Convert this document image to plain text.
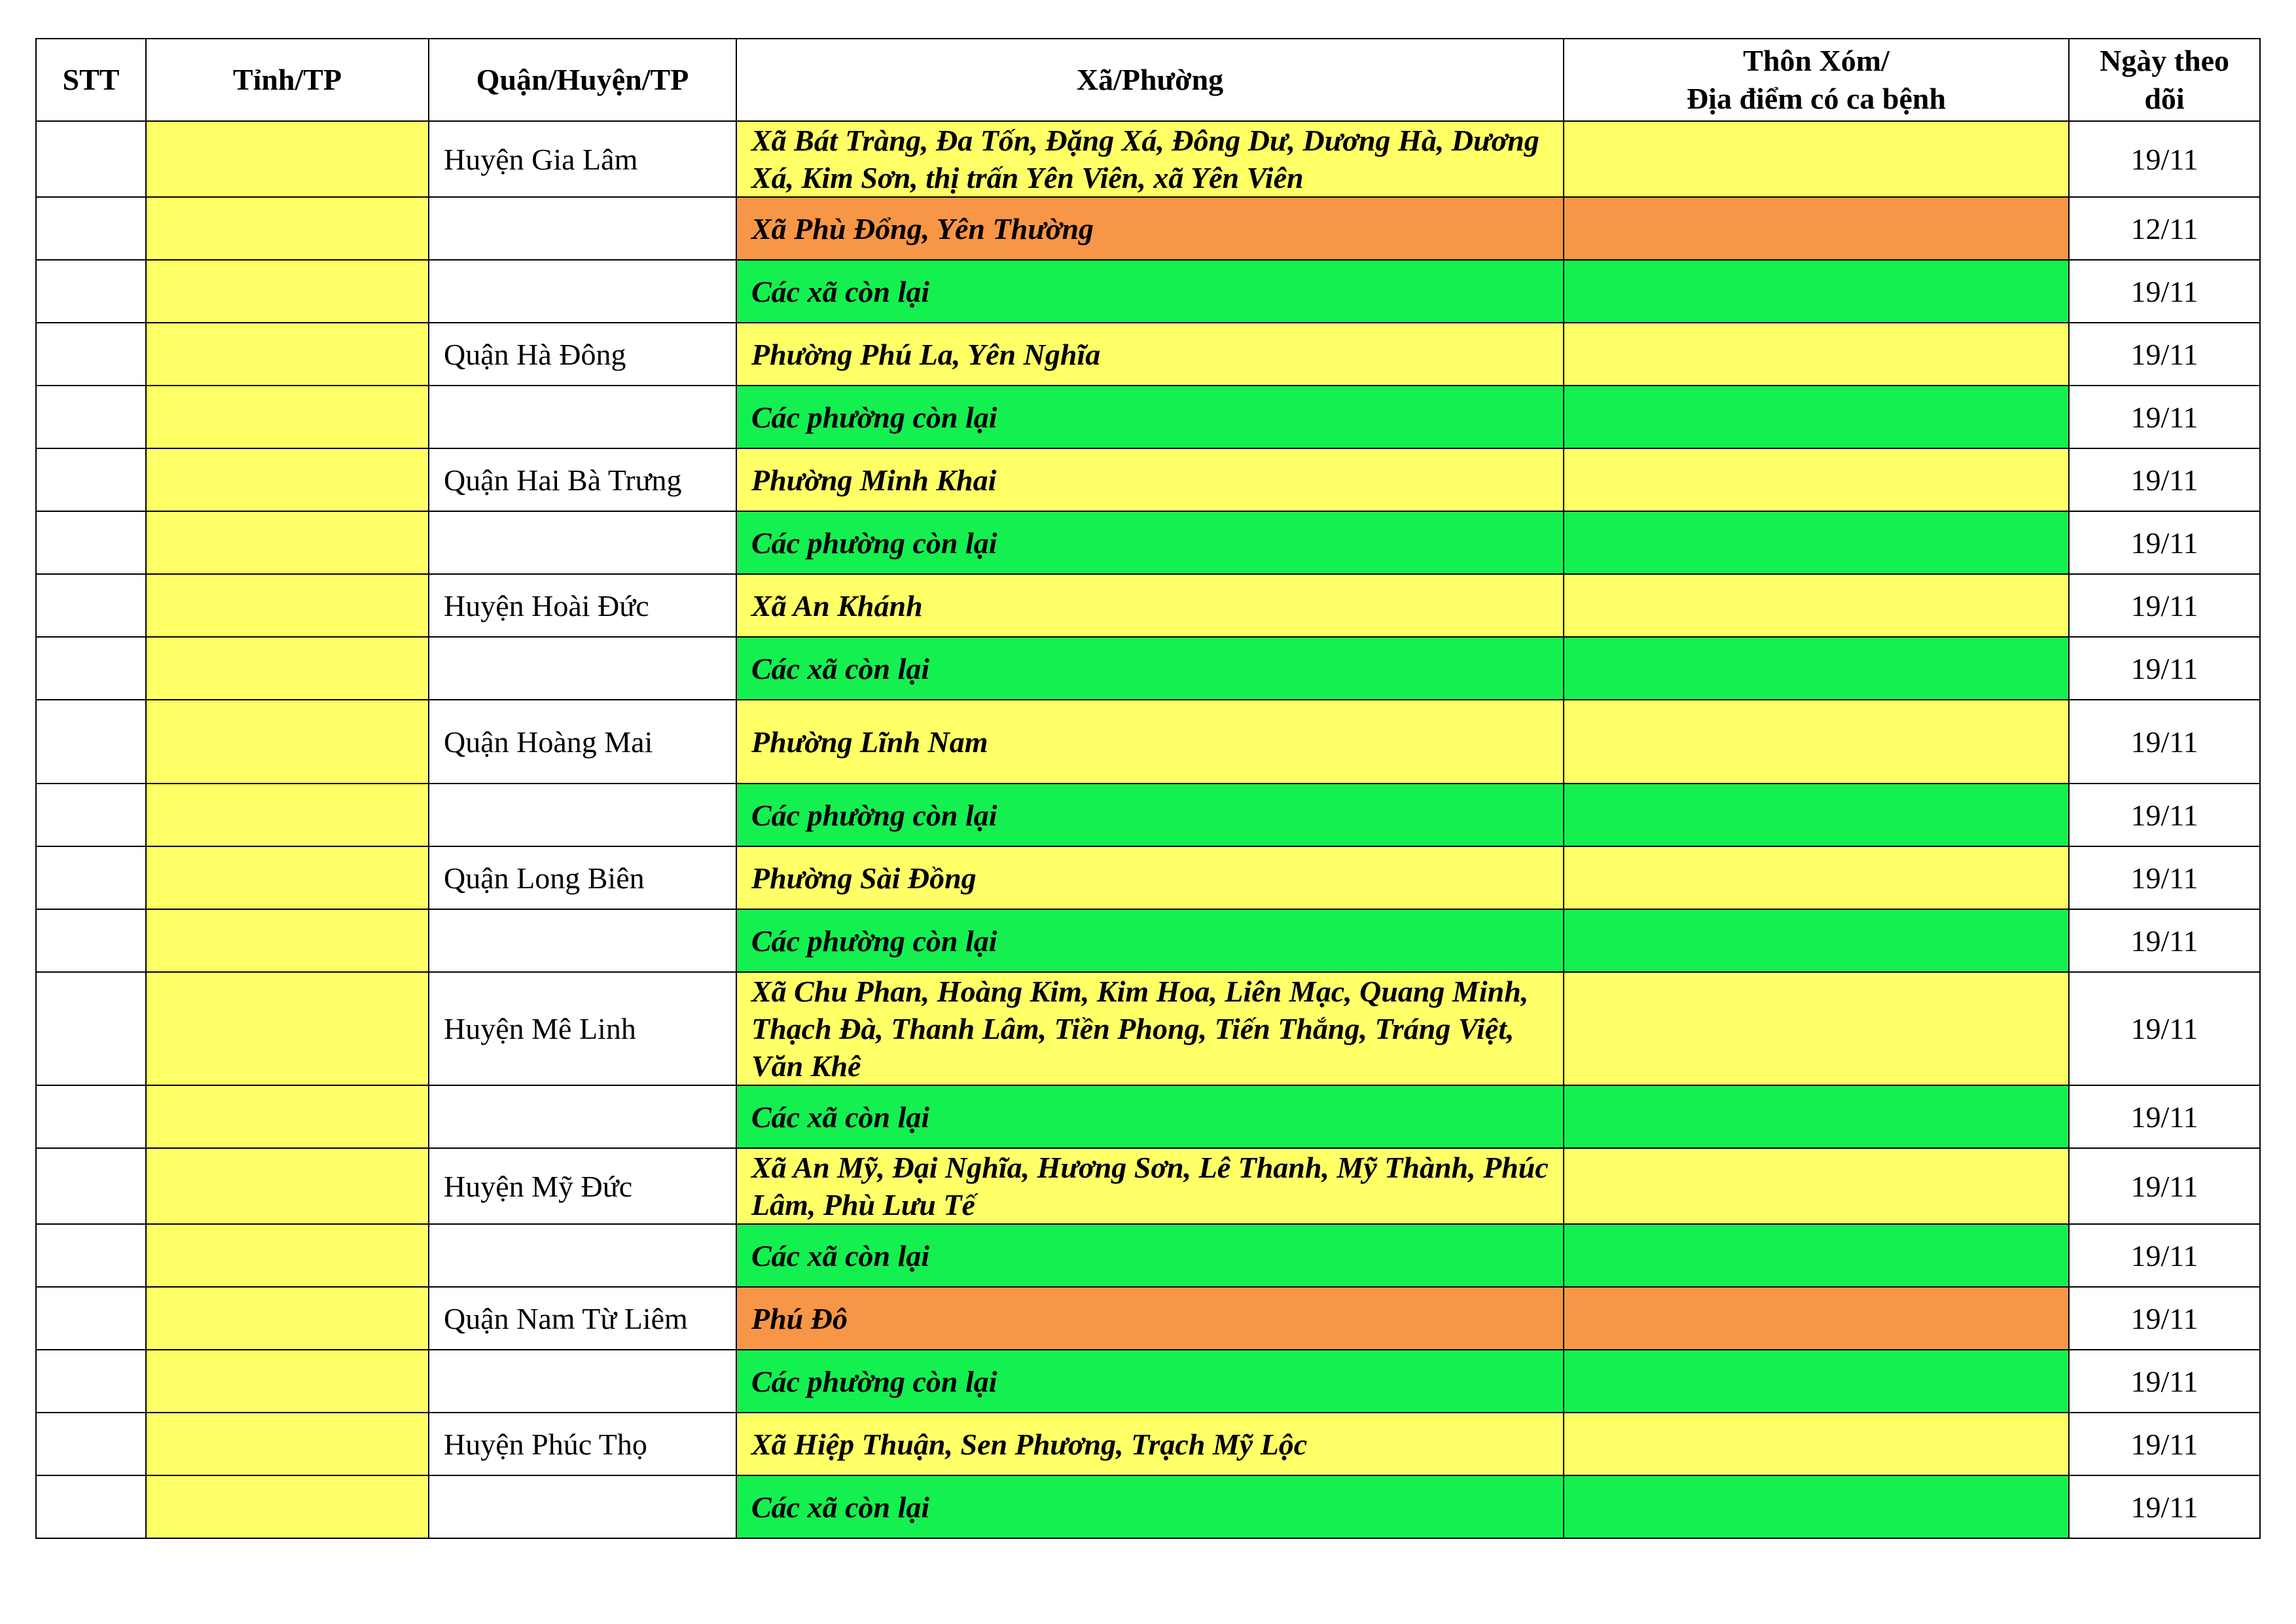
STT	Tỉnh/TP	Quận/Huyện/TP	Xã/Phường	Thôn Xóm/
Địa điểm có ca bệnh	Ngày theo
dõi
		Huyện Gia Lâm	Xã Bát Tràng, Đa Tốn, Đặng Xá, Đông Dư, Dương Hà, Dương Xá, Kim Sơn, thị trấn Yên Viên, xã Yên Viên		19/11
			Xã Phù Đổng, Yên Thường		12/11
			Các xã còn lại		19/11
		Quận Hà Đông	Phường Phú La, Yên Nghĩa		19/11
			Các phường còn lại		19/11
		Quận Hai Bà Trưng	Phường Minh Khai		19/11
			Các phường còn lại		19/11
		Huyện Hoài Đức	Xã An Khánh		19/11
			Các xã còn lại		19/11
		Quận Hoàng Mai	Phường Lĩnh Nam		19/11
			Các phường còn lại		19/11
		Quận Long Biên	Phường Sài Đồng		19/11
			Các phường còn lại		19/11
		Huyện Mê Linh	Xã Chu Phan, Hoàng Kim, Kim Hoa, Liên Mạc, Quang Minh, Thạch Đà, Thanh Lâm, Tiền Phong, Tiến Thắng, Tráng Việt, Văn Khê		19/11
			Các xã còn lại		19/11
		Huyện Mỹ Đức	Xã An Mỹ, Đại Nghĩa, Hương Sơn, Lê Thanh, Mỹ Thành, Phúc Lâm, Phù Lưu Tế		19/11
			Các xã còn lại		19/11
		Quận Nam Từ Liêm	Phú Đô		19/11
			Các phường còn lại		19/11
		Huyện Phúc Thọ	Xã Hiệp Thuận, Sen Phương, Trạch Mỹ Lộc		19/11
			Các xã còn lại		19/11
